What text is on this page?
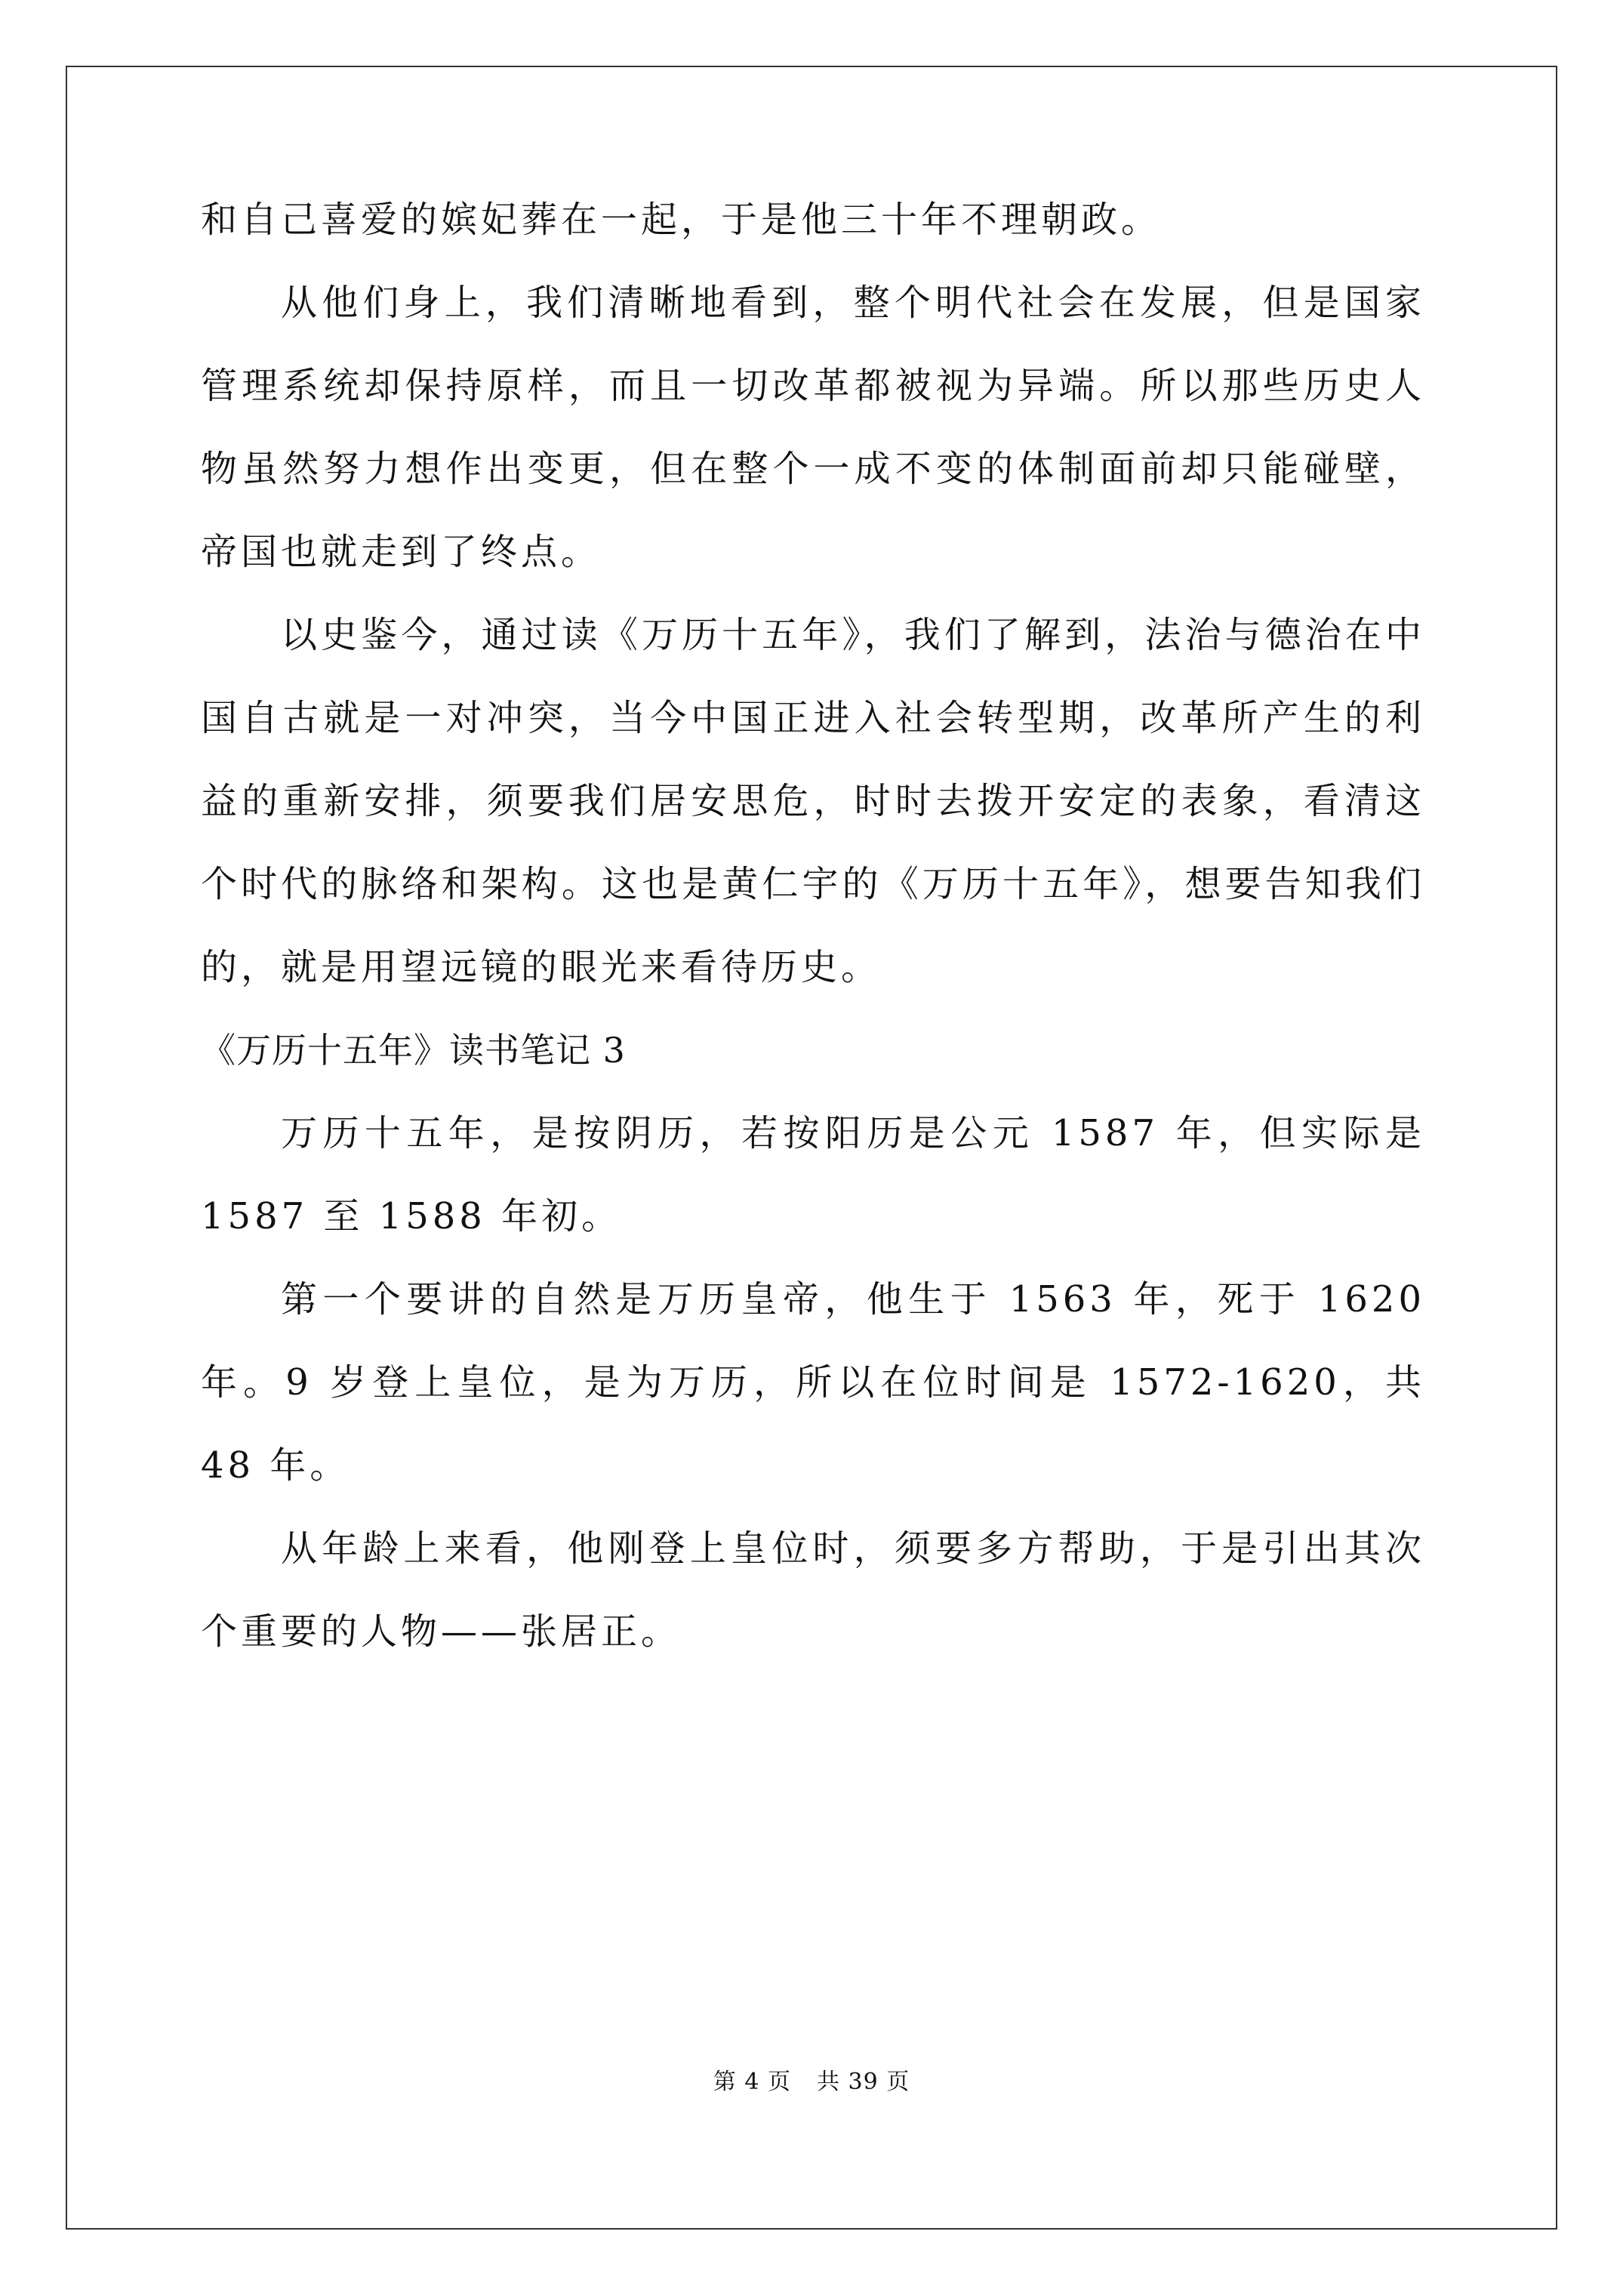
和自己喜爱的嫔妃葬在一起，于是他三十年不理朝政。

从他们身上，我们清晰地看到，整个明代社会在发展，但是国家管理系统却保持原样，而且一切改革都被视为异端。所以那些历史人物虽然努力想作出变更，但在整个一成不变的体制面前却只能碰壁，帝国也就走到了终点。

以史鉴今，通过读《万历十五年》，我们了解到，法治与德治在中国自古就是一对冲突，当今中国正进入社会转型期，改革所产生的利益的重新安排，须要我们居安思危，时时去拨开安定的表象，看清这个时代的脉络和架构。这也是黄仁宇的《万历十五年》，想要告知我们的，就是用望远镜的眼光来看待历史。

《万历十五年》读书笔记 3

万历十五年，是按阴历，若按阳历是公元 1587 年，但实际是 1587 至 1588 年初。

第一个要讲的自然是万历皇帝，他生于 1563 年，死于 1620 年。9 岁登上皇位，是为万历，所以在位时间是 1572-1620，共 48 年。

从年龄上来看，他刚登上皇位时，须要多方帮助，于是引出其次个重要的人物——张居正。

第 4 页 共 39 页
